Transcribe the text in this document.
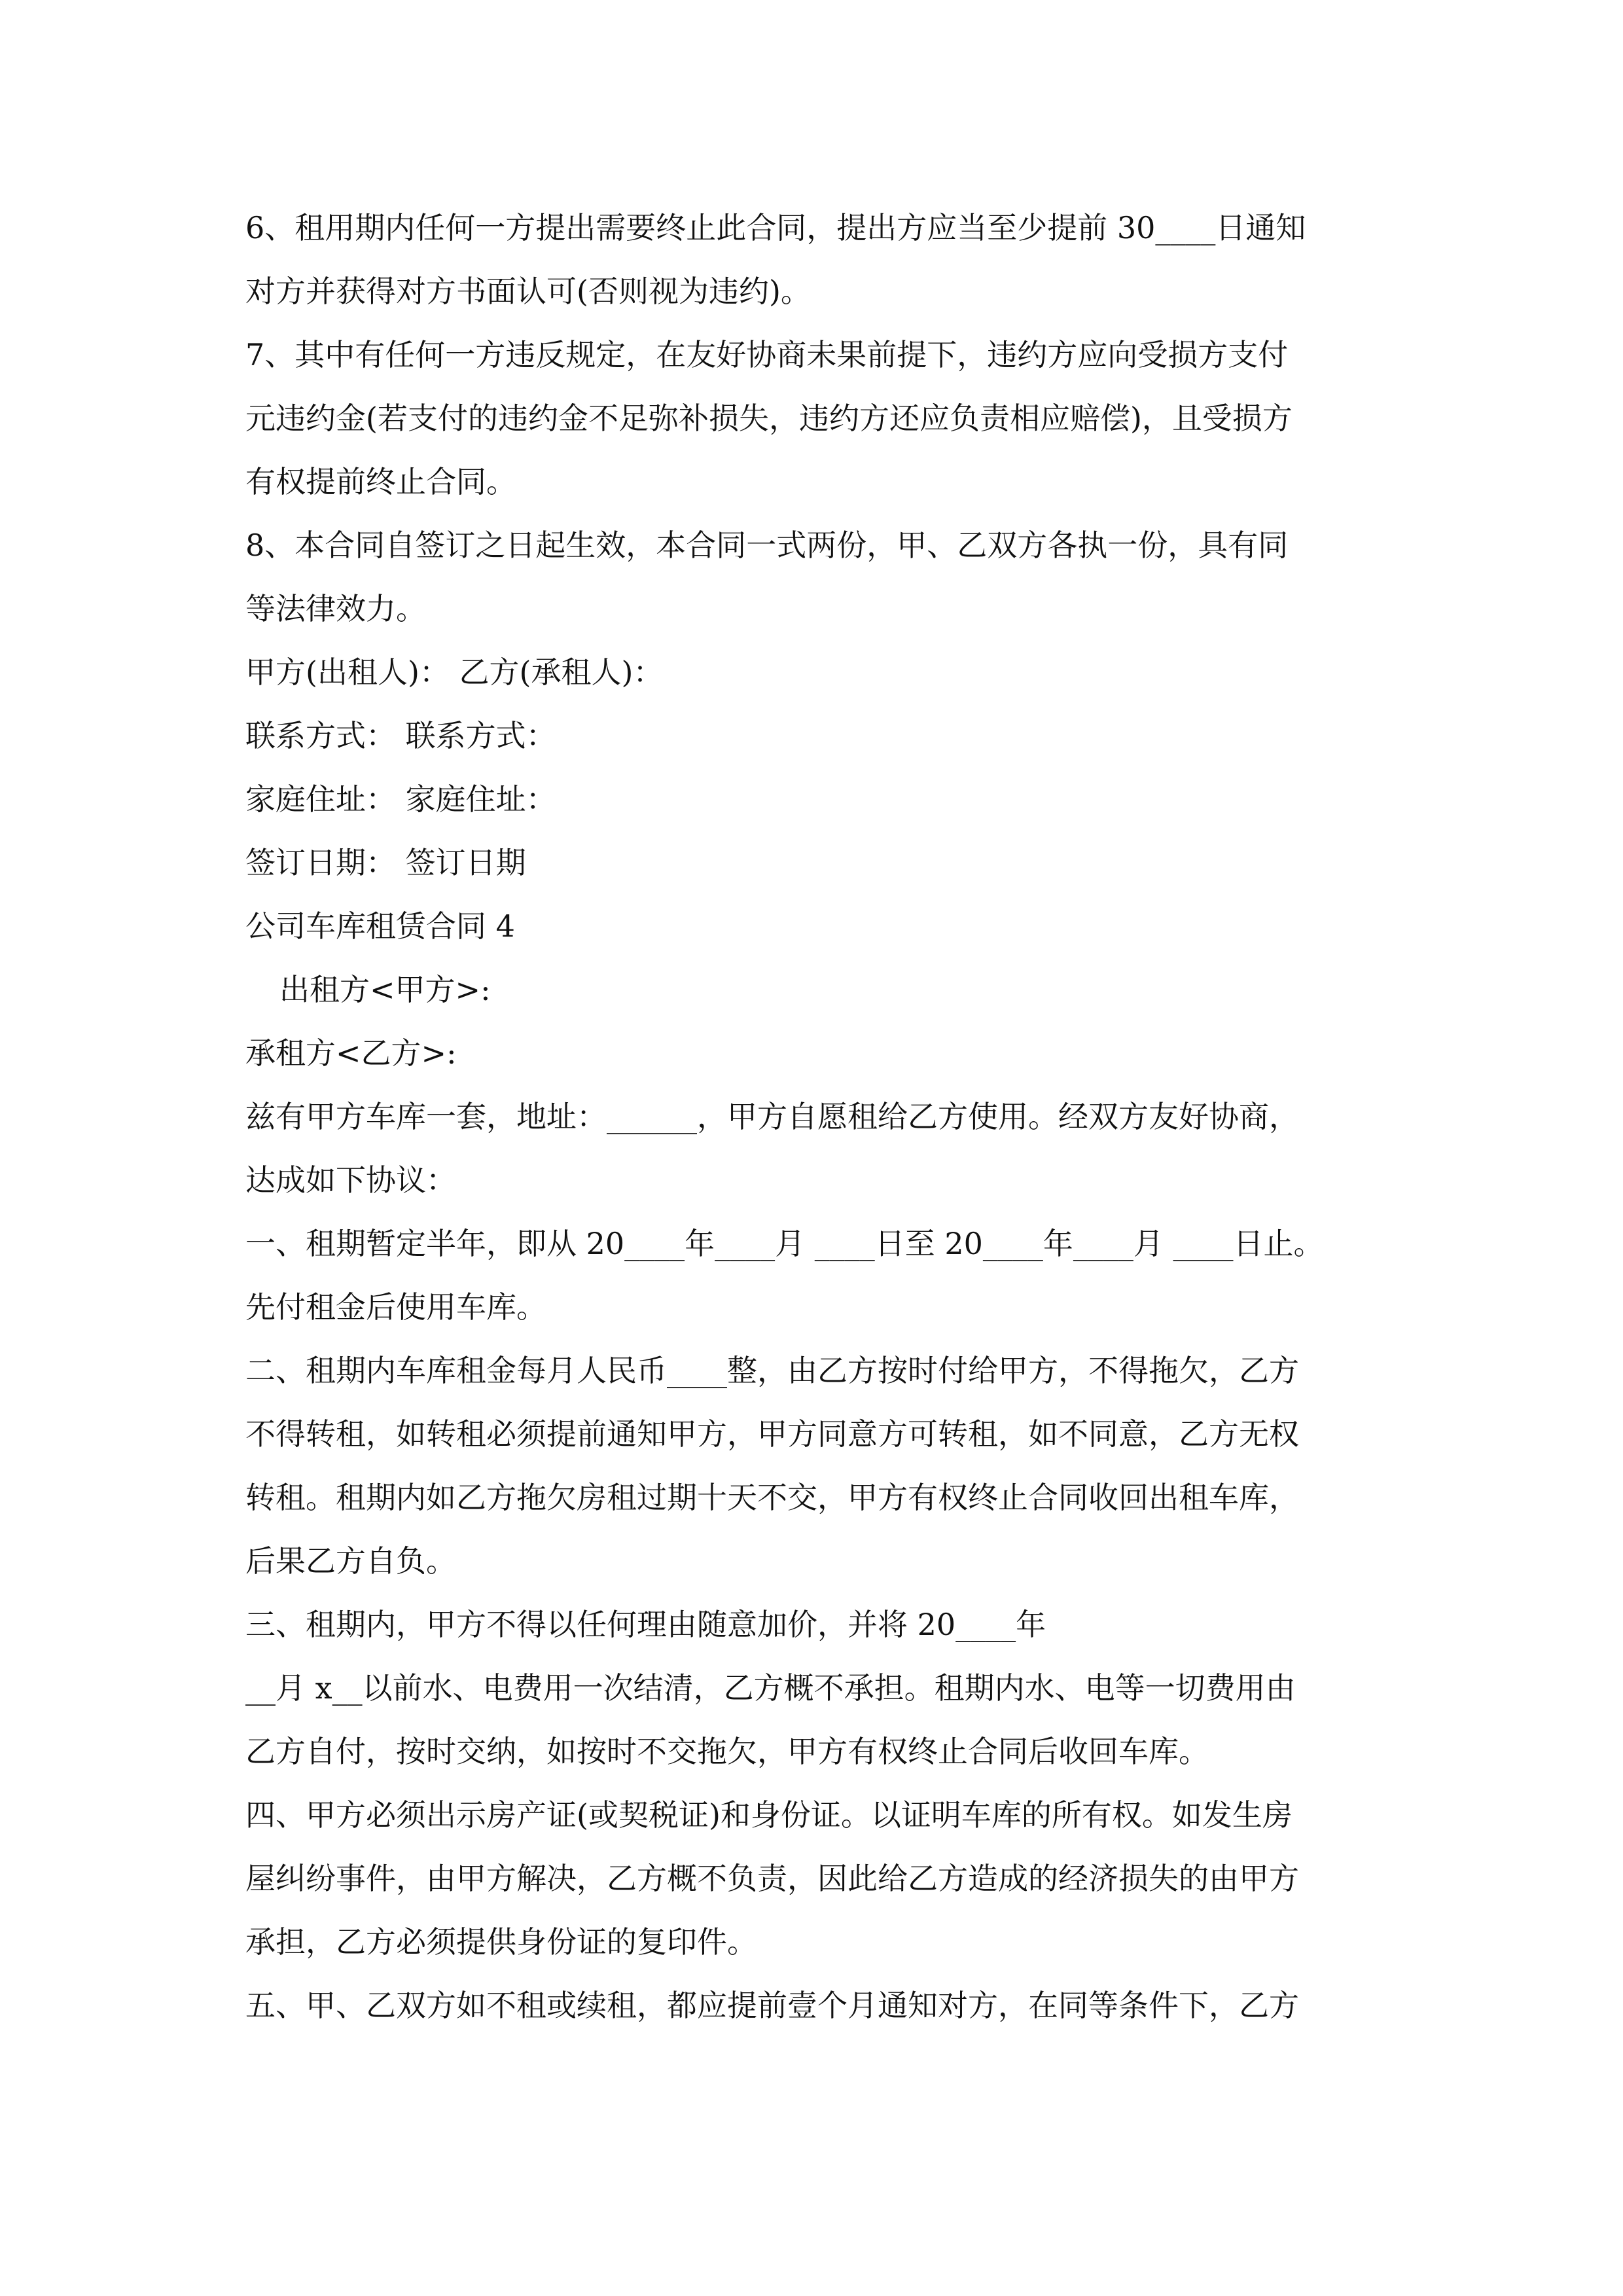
6、租用期内任何一方提出需要终止此合同，提出方应当至少提前 30____日通知
对方并获得对方书面认可(否则视为违约)。
7、其中有任何一方违反规定，在友好协商未果前提下，违约方应向受损方支付
元违约金(若支付的违约金不足弥补损失，违约方还应负责相应赔偿)，且受损方
有权提前终止合同。
8、本合同自签订之日起生效，本合同一式两份，甲、乙双方各执一份，具有同
等法律效力。
甲方(出租人)： 乙方(承租人)：
联系方式： 联系方式：
家庭住址： 家庭住址：
签订日期： 签订日期
公司车库租赁合同 4
出租方<甲方>:
承租方<乙方>:
兹有甲方车库一套，地址：______，甲方自愿租给乙方使用。经双方友好协商，
达成如下协议：
一、租期暂定半年，即从 20____年____月 ____日至 20____年____月 ____日止。
先付租金后使用车库。
二、租期内车库租金每月人民币____整，由乙方按时付给甲方，不得拖欠，乙方
不得转租，如转租必须提前通知甲方，甲方同意方可转租，如不同意，乙方无权
转租。租期内如乙方拖欠房租过期十天不交，甲方有权终止合同收回出租车库，
后果乙方自负。
三、租期内，甲方不得以任何理由随意加价，并将 20____年
__月 x__以前水、电费用一次结清，乙方概不承担。租期内水、电等一切费用由
乙方自付，按时交纳，如按时不交拖欠，甲方有权终止合同后收回车库。
四、甲方必须出示房产证(或契税证)和身份证。以证明车库的所有权。如发生房
屋纠纷事件，由甲方解决，乙方概不负责，因此给乙方造成的经济损失的由甲方
承担，乙方必须提供身份证的复印件。
五、甲、乙双方如不租或续租，都应提前壹个月通知对方，在同等条件下，乙方
